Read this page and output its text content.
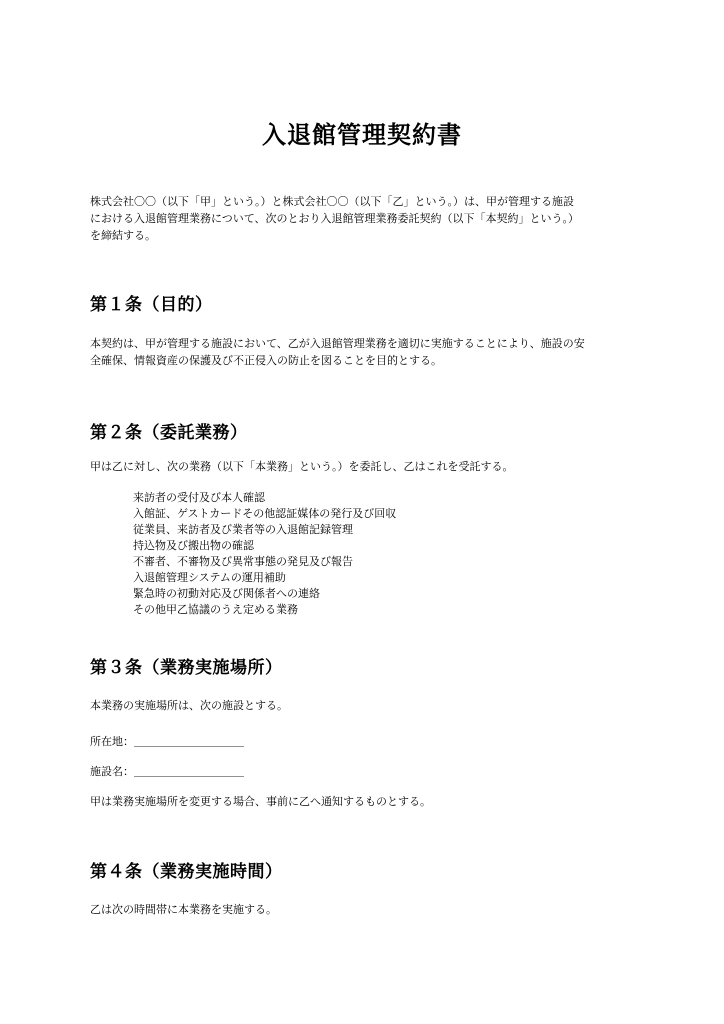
入退館管理契約書
株式会社〇〇（以下「甲」という。）と株式会社〇〇（以下「乙」という。）は、甲が管理する施設
における入退館管理業務について、次のとおり入退館管理業務委託契約（以下「本契約」という。）
を締結する。
第１条（目的）
本契約は、甲が管理する施設において、乙が入退館管理業務を適切に実施することにより、施設の安
全確保、情報資産の保護及び不正侵入の防止を図ることを目的とする。
第２条（委託業務）
甲は乙に対し、次の業務（以下「本業務」という。）を委託し、乙はこれを受託する。
来訪者の受付及び本人確認
入館証、ゲストカードその他認証媒体の発行及び回収
従業員、来訪者及び業者等の入退館記録管理
持込物及び搬出物の確認
不審者、不審物及び異常事態の発見及び報告
入退館管理システムの運用補助
緊急時の初動対応及び関係者への連絡
その他甲乙協議のうえ定める業務
第３条（業務実施場所）
本業務の実施場所は、次の施設とする。
所在地：＿＿＿＿＿＿＿＿＿＿
施設名：＿＿＿＿＿＿＿＿＿＿
甲は業務実施場所を変更する場合、事前に乙へ通知するものとする。
第４条（業務実施時間）
乙は次の時間帯に本業務を実施する。
